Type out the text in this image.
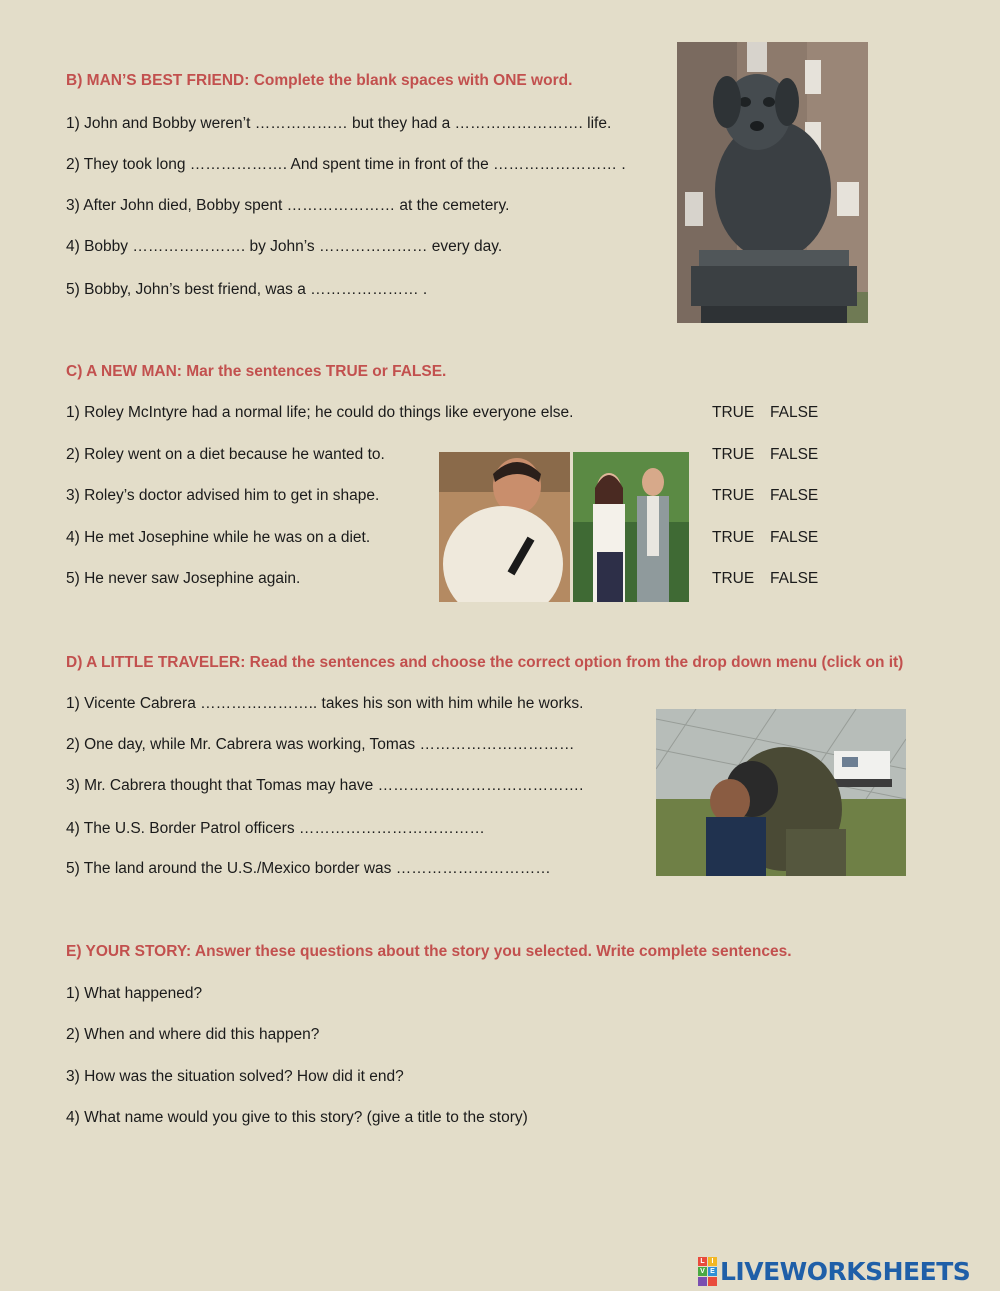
B) MAN’S BEST FRIEND: Complete the blank spaces with ONE word.
1) John and Bobby weren’t ……………… but they had a ……………………. life.
2) They took long ………………. And spent time in front of the …………………… .
3) After John died, Bobby spent ………………… at the cemetery.
4) Bobby …………………. by John’s ………………… every day.
5) Bobby, John’s best friend, was a ………………… .
C) A NEW MAN: Mar the sentences TRUE or FALSE.
1) Roley McIntyre had a normal life; he could do things like everyone else.
2) Roley went on a diet because he wanted to.
3) Roley’s doctor advised him to get in shape.
4) He met Josephine while he was on a diet.
5) He never saw Josephine again.
TRUE FALSE
TRUE FALSE
TRUE FALSE
TRUE FALSE
TRUE FALSE
D) A LITTLE TRAVELER: Read the sentences and choose the correct option from the drop down menu (click on it)
1) Vicente Cabrera ………………….. takes his son with him while he works.
2) One day, while Mr. Cabrera was working, Tomas …………………………
3) Mr. Cabrera thought that Tomas may have ………………………………….
4) The U.S. Border Patrol officers ………………………………
5) The land around the U.S./Mexico border was …………………………
E) YOUR STORY: Answer these questions about the story you selected. Write complete sentences.
1) What happened?
2) When and where did this happen?
3) How was the situation solved? How did it end?
4) What name would you give to this story? (give a title to the story)
L I
V E LIVEWORKSHEETS
